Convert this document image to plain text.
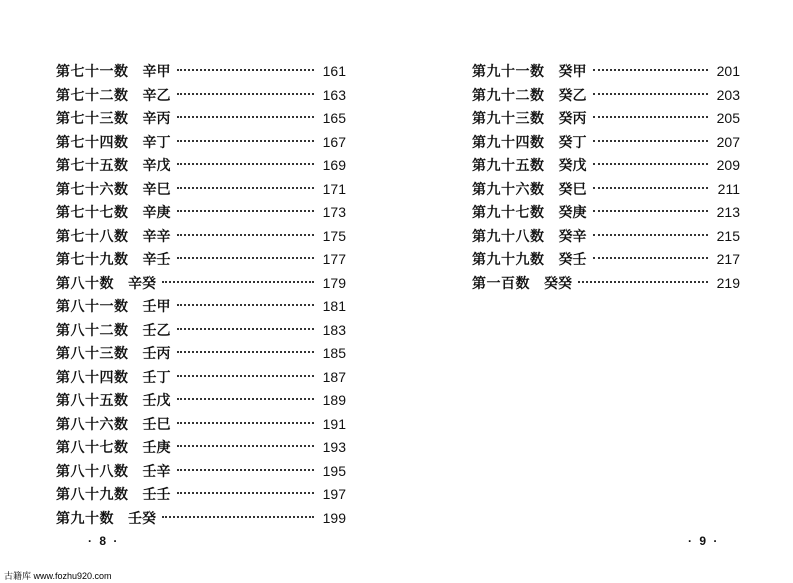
第七十一数 辛甲	161
第七十二数 辛乙	163
第七十三数 辛丙	165
第七十四数 辛丁	167
第七十五数 辛戊	169
第七十六数 辛巳	171
第七十七数 辛庚	173
第七十八数 辛辛	175
第七十九数 辛壬	177
第八十数 辛癸	179
第八十一数 壬甲	181
第八十二数 壬乙	183
第八十三数 壬丙	185
第八十四数 壬丁	187
第八十五数 壬戊	189
第八十六数 壬巳	191
第八十七数 壬庚	193
第八十八数 壬辛	195
第八十九数 壬壬	197
第九十数 壬癸	199
第九十一数 癸甲	201
第九十二数 癸乙	203
第九十三数 癸丙	205
第九十四数 癸丁	207
第九十五数 癸戊	209
第九十六数 癸巳	211
第九十七数 癸庚	213
第九十八数 癸辛	215
第九十九数 癸壬	217
第一百数 癸癸	219
· 8 ·	· 9 ·
古籍库 www.fozhu920.com
